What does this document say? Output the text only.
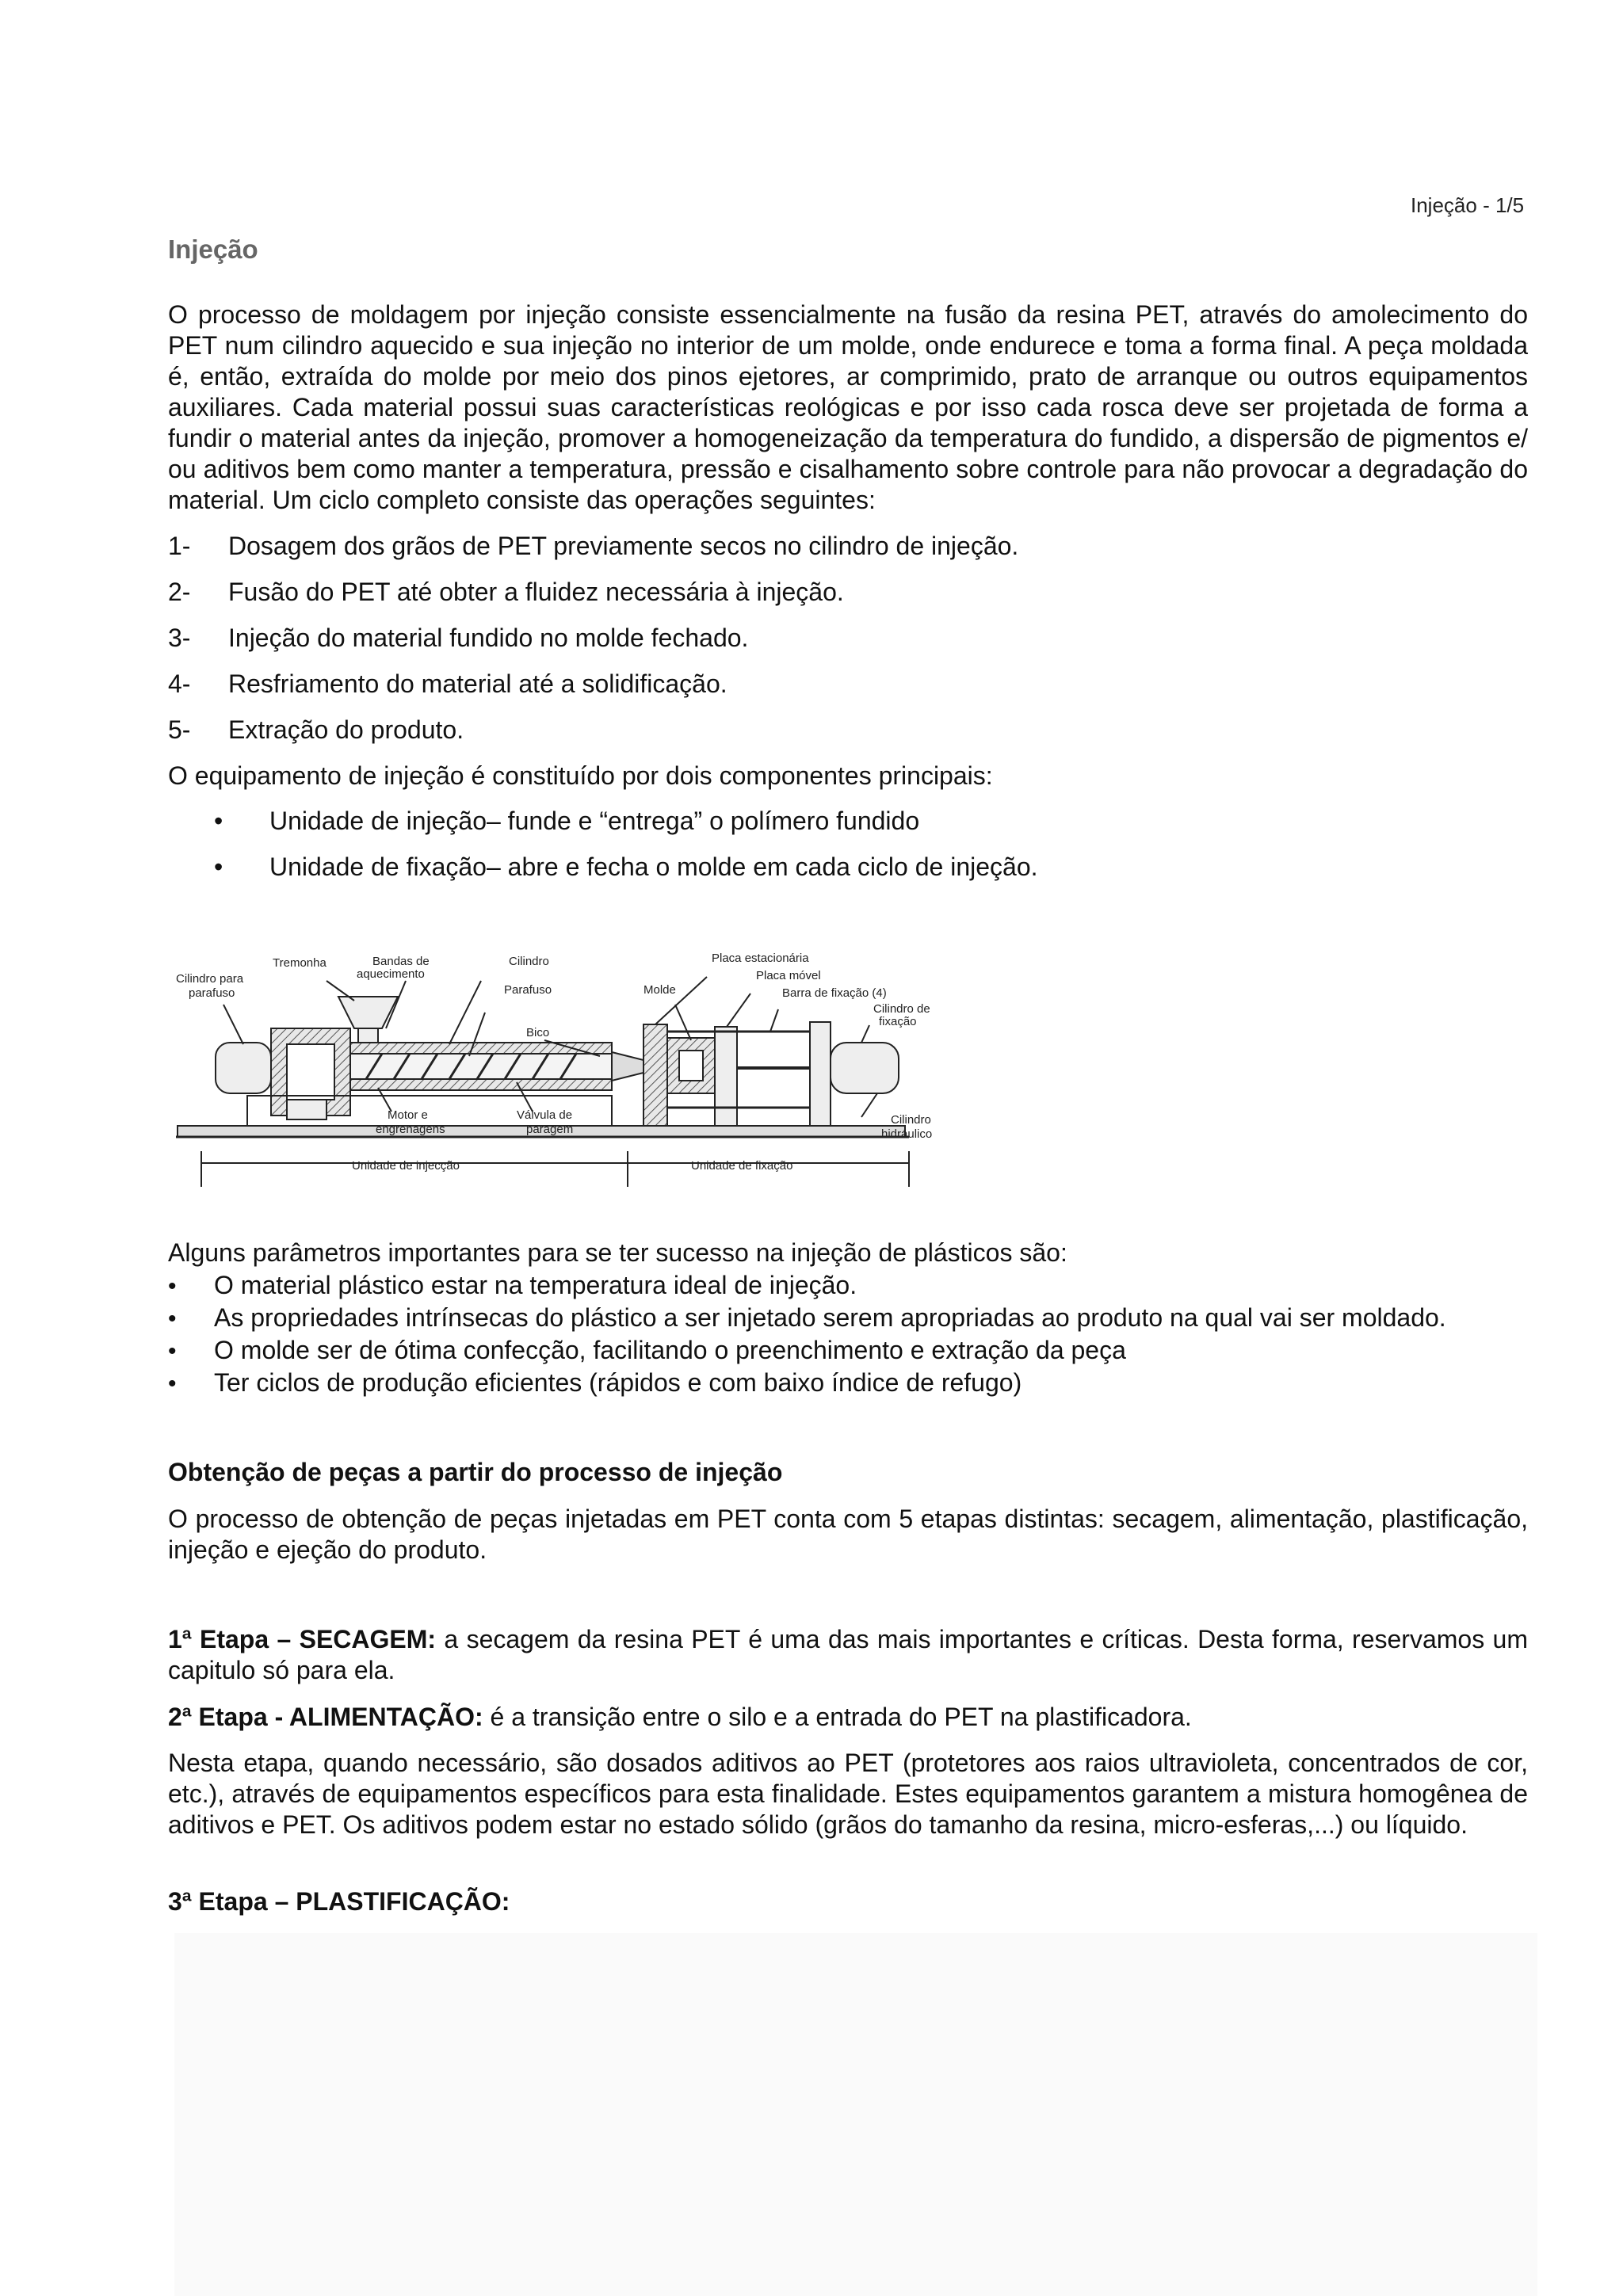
Injeção - 1/5
Injeção
O processo de moldagem por injeção consiste essencialmente na fusão da resina PET, através do amolecimento do PET num cilindro aquecido e sua injeção no interior de um molde, onde endurece e toma a forma final. A peça moldada é, então, extraída do molde por meio dos pinos ejetores, ar comprimido, prato de arranque ou outros equipamentos auxiliares. Cada material possui suas características reológicas e por isso cada rosca deve ser projetada de forma a fundir o material antes da injeção, promover a homogeneização da temperatura do fundido, a dispersão de pigmentos e/ ou aditivos bem como manter a temperatura, pressão e cisalhamento sobre controle para não provocar a degradação do material. Um ciclo completo consiste das operações seguintes:
1- Dosagem dos grãos de PET previamente secos no cilindro de injeção.
2- Fusão do PET até obter a fluidez necessária à injeção.
3- Injeção do material fundido no molde fechado.
4- Resfriamento do material até a solidificação.
5- Extração do produto.
O equipamento de injeção é constituído por dois componentes principais:
• Unidade de injeção– funde e “entrega” o polímero fundido
• Unidade de fixação– abre e fecha o molde em cada ciclo de injeção.
Cilindro para
parafuso
Tremonha	Bandas de
aquecimento
Cilindro
Parafuso
Bico
Molde
Placa estacionária
Placa móvel
Barra de fixação (4)
Cilindro de
fixação
Motor e
engrenagens
Válvula de
paragem
Cilindro
hidráulico
Unidade de injecção	Unidade de fixação
Alguns parâmetros importantes para se ter sucesso na injeção de plásticos são:
• O material plástico estar na temperatura ideal de injeção.
• As propriedades intrínsecas do plástico a ser injetado serem apropriadas ao produto na qual vai ser moldado.
• O molde ser de ótima confecção, facilitando o preenchimento e extração da peça
• Ter ciclos de produção eficientes (rápidos e com baixo índice de refugo)
Obtenção de peças a partir do processo de injeção
O processo de obtenção de peças injetadas em PET conta com 5 etapas distintas: secagem, alimentação, plastificação, injeção e ejeção do produto.
1ª Etapa – SECAGEM: a secagem da resina PET é uma das mais importantes e críticas. Desta forma, reservamos um capitulo só para ela.
2ª Etapa - ALIMENTAÇÃO: é a transição entre o silo e a entrada do PET na plastificadora.
Nesta etapa, quando necessário, são dosados aditivos ao PET (protetores aos raios ultravioleta, concentrados de cor, etc.), através de equipamentos específicos para esta finalidade. Estes equipamentos garantem a mistura homogênea de aditivos e PET. Os aditivos podem estar no estado sólido (grãos do tamanho da resina, micro-esferas,...) ou líquido.
3ª Etapa – PLASTIFICAÇÃO:
